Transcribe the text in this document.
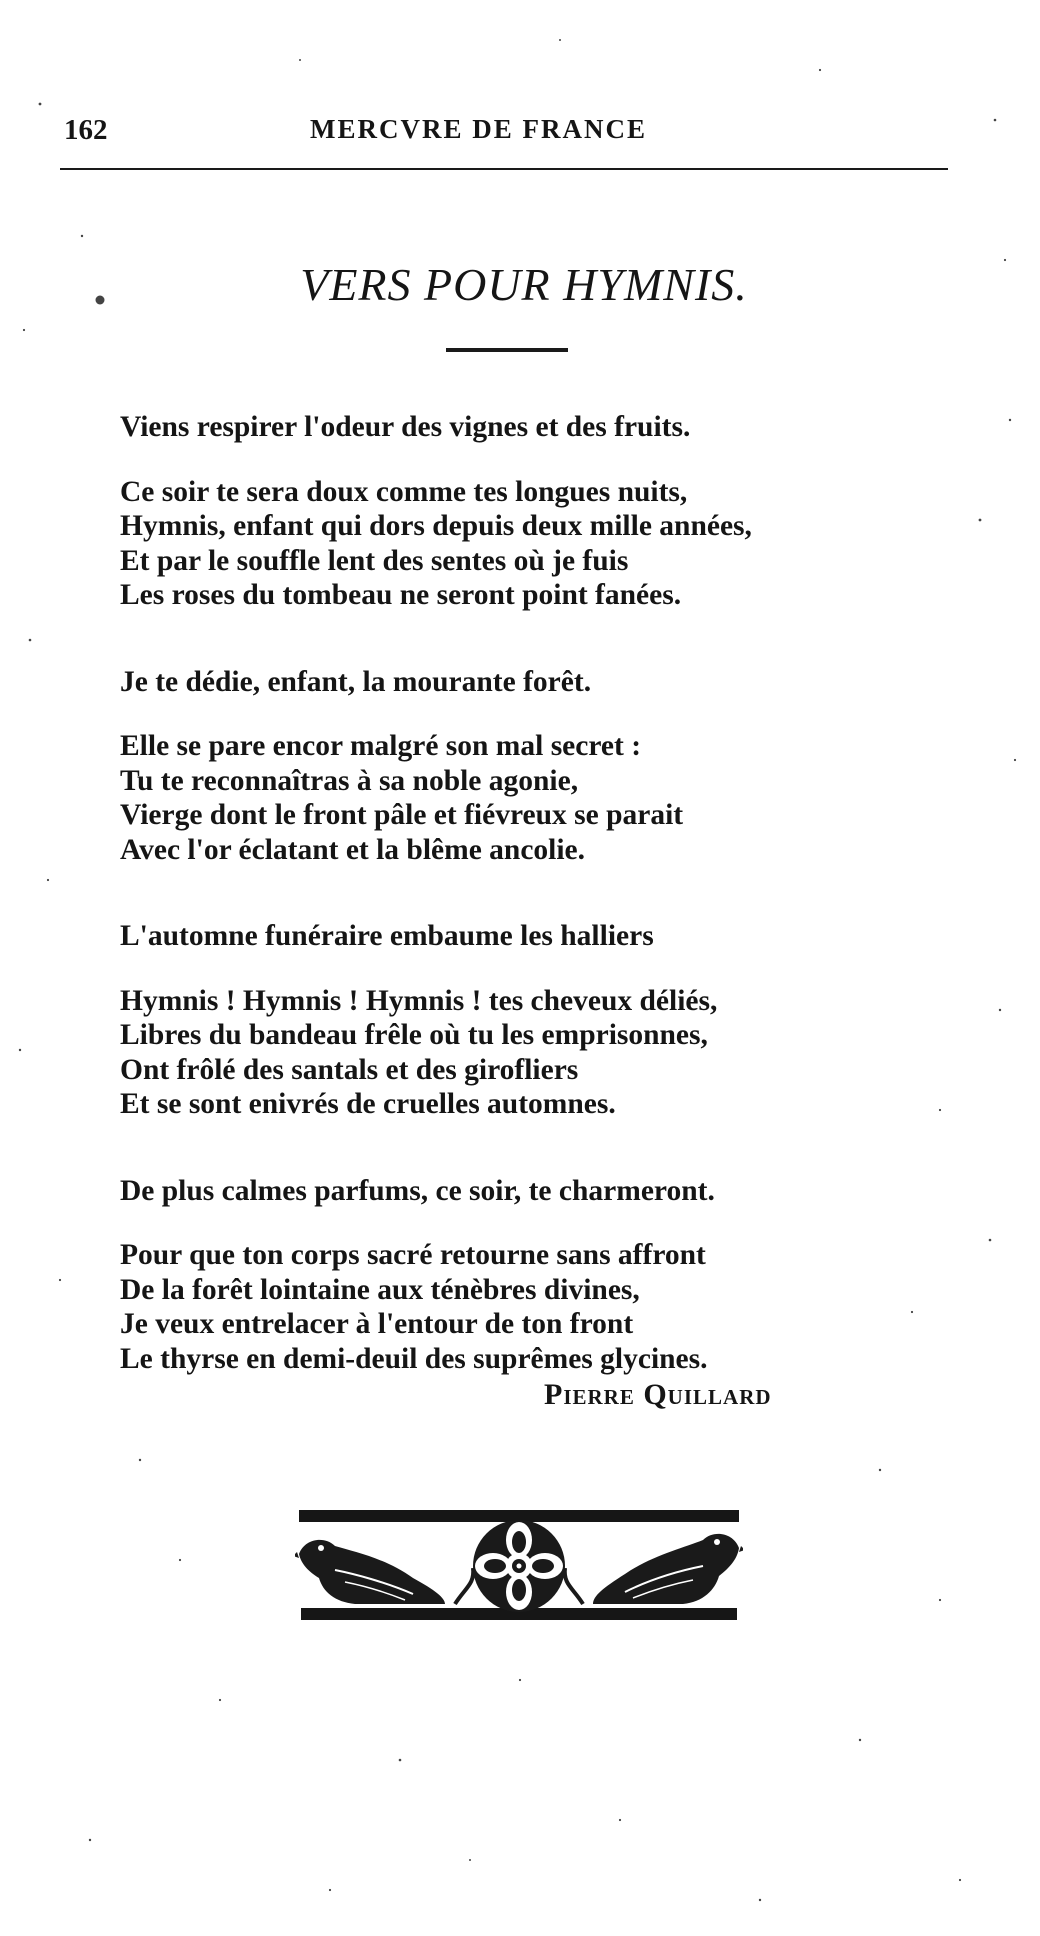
162	MERCVRE DE FRANCE
VERS POUR HYMNIS.
Viens respirer l'odeur des vignes et des fruits.
Ce soir te sera doux comme tes longues nuits,
Hymnis, enfant qui dors depuis deux mille années,
Et par le souffle lent des sentes où je fuis
Les roses du tombeau ne seront point fanées.
Je te dédie, enfant, la mourante forêt.
Elle se pare encor malgré son mal secret :
Tu te reconnaîtras à sa noble agonie,
Vierge dont le front pâle et fiévreux se parait
Avec l'or éclatant et la blême ancolie.
L'automne funéraire embaume les halliers
Hymnis ! Hymnis ! Hymnis ! tes cheveux déliés,
Libres du bandeau frêle où tu les emprisonnes,
Ont frôlé des santals et des girofliers
Et se sont enivrés de cruelles automnes.
De plus calmes parfums, ce soir, te charmeront.
Pour que ton corps sacré retourne sans affront
De la forêt lointaine aux ténèbres divines,
Je veux entrelacer à l'entour de ton front
Le thyrse en demi-deuil des suprêmes glycines.
Pierre Quillard
